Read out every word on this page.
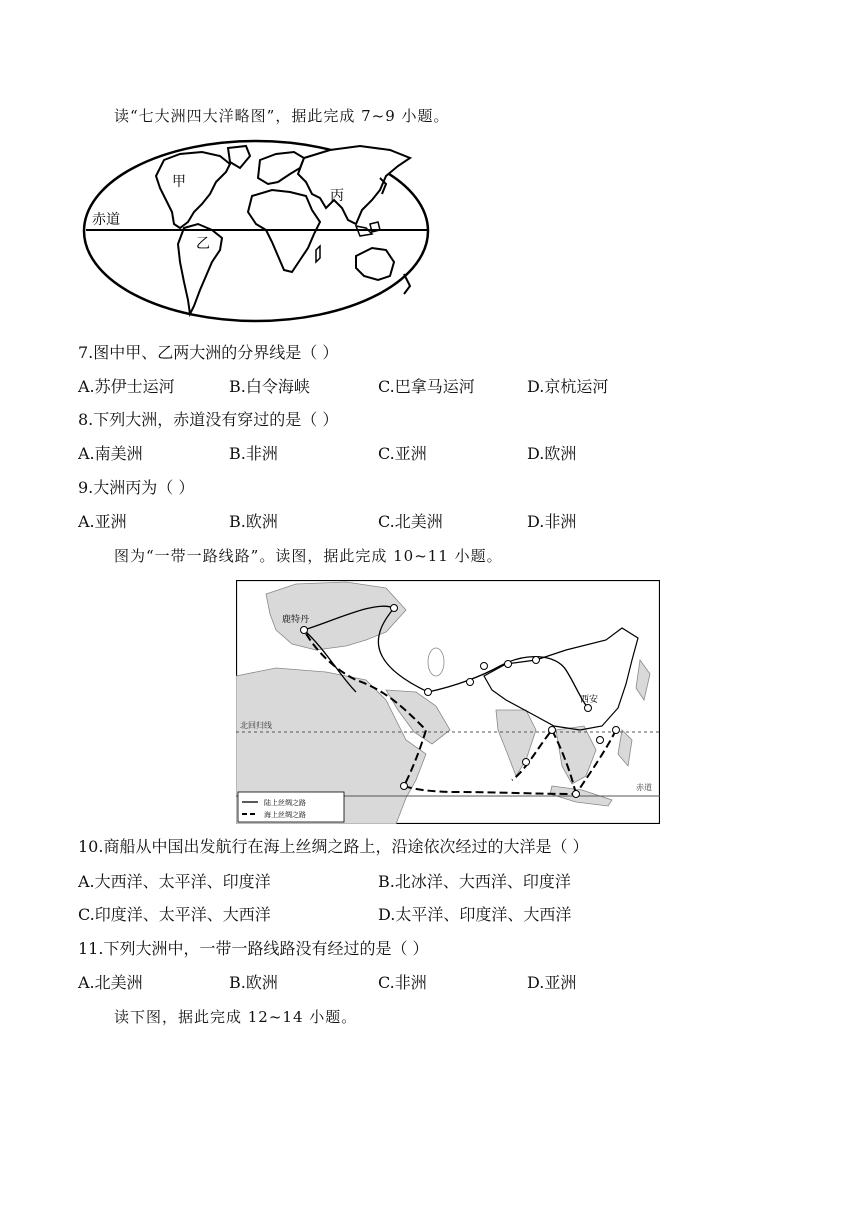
读“七大洲四大洋略图”，据此完成 7~9 小题。
赤道
甲
乙
丙
7.图中甲、乙两大洲的分界线是（ ）
A.苏伊士运河	B.白令海峡	C.巴拿马运河	D.京杭运河
8.下列大洲，赤道没有穿过的是（ ）
A.南美洲	B.非洲	C.亚洲	D.欧洲
9.大洲丙为（ ）
A.亚洲	B.欧洲	C.北美洲	D.非洲
图为“一带一路线路”。读图，据此完成 10~11 小题。
北回归线
赤道
鹿特丹
西安
陆上丝绸之路
海上丝绸之路
10.商船从中国出发航行在海上丝绸之路上，沿途依次经过的大洋是（ ）
A.大西洋、太平洋、印度洋	B.北冰洋、大西洋、印度洋
C.印度洋、太平洋、大西洋	D.太平洋、印度洋、大西洋
11.下列大洲中，一带一路线路没有经过的是（ ）
A.北美洲	B.欧洲	C.非洲	D.亚洲
读下图，据此完成 12~14 小题。
